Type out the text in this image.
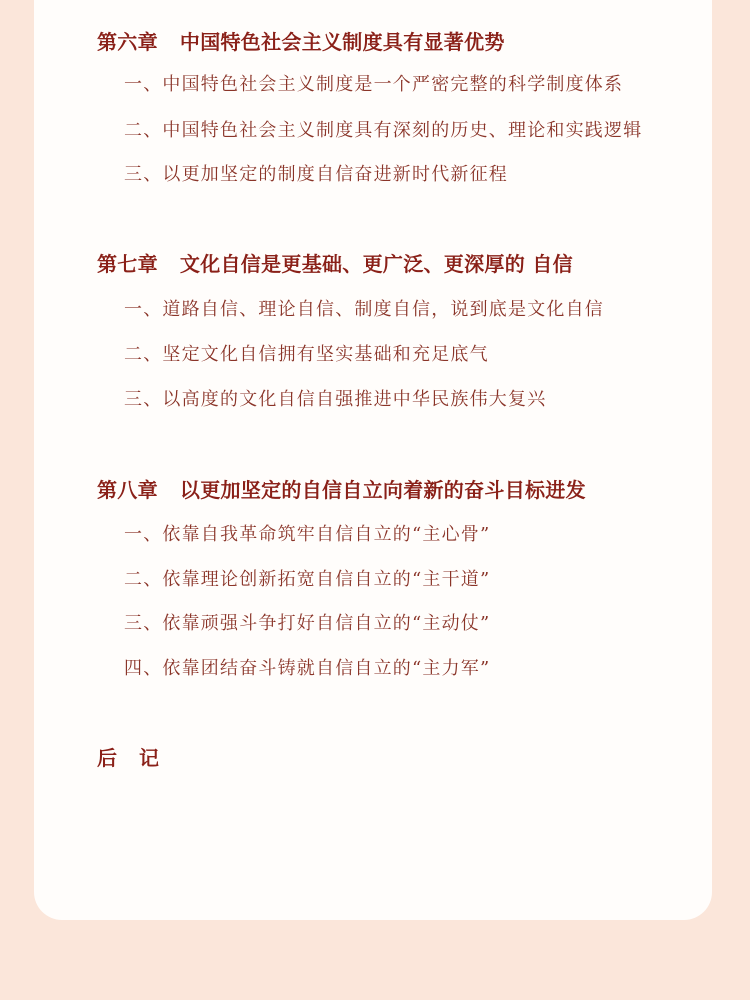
第六章 中国特色社会主义制度具有显著优势
一、中国特色社会主义制度是一个严密完整的科学制度体系
二、中国特色社会主义制度具有深刻的历史、理论和实践逻辑
三、以更加坚定的制度自信奋进新时代新征程
第七章 文化自信是更基础、更广泛、更深厚的 自信
一、道路自信、理论自信、制度自信，说到底是文化自信
二、坚定文化自信拥有坚实基础和充足底气
三、以高度的文化自信自强推进中华民族伟大复兴
第八章 以更加坚定的自信自立向着新的奋斗目标进发
一、依靠自我革命筑牢自信自立的“主心骨”
二、依靠理论创新拓宽自信自立的“主干道”
三、依靠顽强斗争打好自信自立的“主动仗”
四、依靠团结奋斗铸就自信自立的“主力军”
后记
